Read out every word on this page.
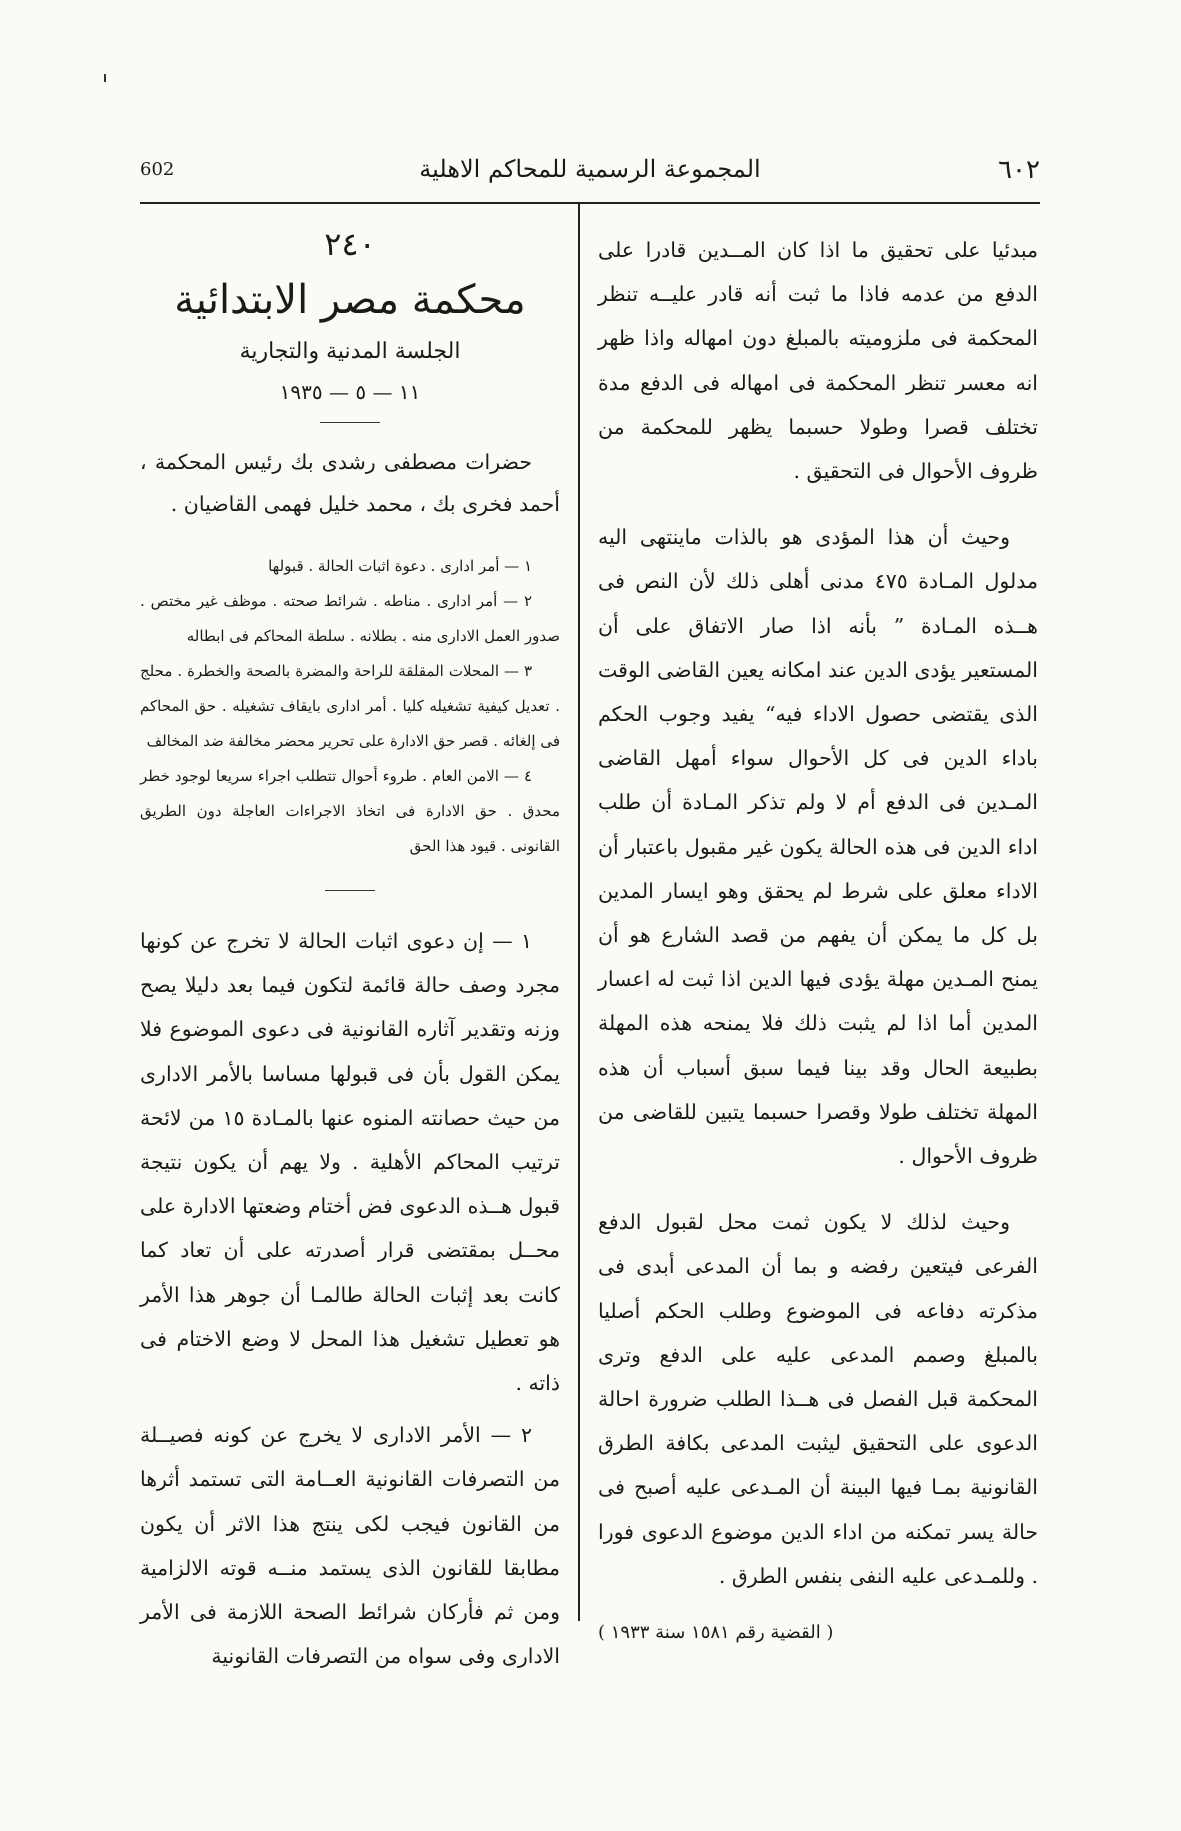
٦٠٢
المجموعة الرسمية للمحاكم الاهلية
602

مبدئيا على تحقيق ما اذا كان المــدين قادرا على الدفع من عدمه فاذا ما ثبت أنه قادر عليــه تنظر المحكمة فى ملزوميته بالمبلغ دون امهاله واذا ظهر انه معسر تنظر المحكمة فى امهاله فى الدفع مدة تختلف قصرا وطولا حسبما يظهر للمحكمة من ظروف الأحوال فى التحقيق .

وحيث أن هذا المؤدى هو بالذات ماينتهى اليه مدلول المـادة ٤٧٥ مدنى أهلى ذلك لأن النص فى هــذه المـادة ” بأنه اذا صار الاتفاق على أن المستعير يؤدى الدين عند امكانه يعين القاضى الوقت الذى يقتضى حصول الاداء فيه“ يفيد وجوب الحكم باداء الدين فى كل الأحوال سواء أمهل القاضى المـدين فى الدفع أم لا ولم تذكر المـادة أن طلب اداء الدين فى هذه الحالة يكون غير مقبول باعتبار أن الاداء معلق على شرط لم يحقق وهو ايسار المدين بل كل ما يمكن أن يفهم من قصد الشارع هو أن يمنح المـدين مهلة يؤدى فيها الدين اذا ثبت له اعسار المدين أما اذا لم يثبت ذلك فلا يمنحه هذه المهلة بطبيعة الحال وقد بينا فيما سبق أسباب أن هذه المهلة تختلف طولا وقصرا حسبما يتبين للقاضى من ظروف الأحوال .

وحيث لذلك لا يكون ثمت محل لقبول الدفع الفرعى فيتعين رفضه و بما أن المدعى أبدى فى مذكرته دفاعه فى الموضوع وطلب الحكم أصليا بالمبلغ وصمم المدعى عليه على الدفع وترى المحكمة قبل الفصل فى هــذا الطلب ضرورة احالة الدعوى على التحقيق ليثبت المدعى بكافة الطرق القانونية بمـا فيها البينة أن المـدعى عليه أصبح فى حالة يسر تمكنه من اداء الدين موضوع الدعوى فورا . وللمـدعى عليه النفى بنفس الطرق .

( القضية رقم ١٥٨١ سنة ١٩٣٣ )

٢٤٠

محكمة مصر الابتدائية

الجلسة المدنية والتجارية

١١ — ٥ — ١٩٣٥

حضرات مصطفى رشدى بك رئيس المحكمة ، أحمد فخرى بك ، محمد خليل فهمى القاضيان .

١ — أمر ادارى . دعوة اثبات الحالة . قبولها

٢ — أمر ادارى . مناطه . شرائط صحته . موظف غير مختص . صدور العمل الادارى منه . بطلانه . سلطة المحاكم فى ابطاله

٣ — المحلات المقلقة للراحة والمضرة بالصحة والخطرة . محلج . تعديل كيفية تشغيله كليا . أمر ادارى بايقاف تشغيله . حق المحاكم فى إلغائه . قصر حق الادارة على تحرير محضر مخالفة ضد المخالف

٤ — الامن العام . طروء أحوال تتطلب اجراء سريعا لوجود خطر محدق . حق الادارة فى اتخاذ الاجراءات العاجلة دون الطريق القانونى . قيود هذا الحق

١ — إن دعوى اثبات الحالة لا تخرج عن كونها مجرد وصف حالة قائمة لتكون فيما بعد دليلا يصح وزنه وتقدير آثاره القانونية فى دعوى الموضوع فلا يمكن القول بأن فى قبولها مساسا بالأمر الادارى من حيث حصانته المنوه عنها بالمـادة ١٥ من لائحة ترتيب المحاكم الأهلية . ولا يهم أن يكون نتيجة قبول هــذه الدعوى فض أختام وضعتها الادارة على محــل بمقتضى قرار أصدرته على أن تعاد كما كانت بعد إثبات الحالة طالمـا أن جوهر هذا الأمر هو تعطيل تشغيل هذا المحل لا وضع الاختام فى ذاته .

٢ — الأمر الادارى لا يخرج عن كونه فصيــلة من التصرفات القانونية العــامة التى تستمد أثرها من القانون فيجب لكى ينتج هذا الاثر أن يكون مطابقا للقانون الذى يستمد منــه قوته الالزامية ومن ثم فأركان شرائط الصحة اللازمة فى الأمر الادارى وفى سواه من التصرفات القانونية
